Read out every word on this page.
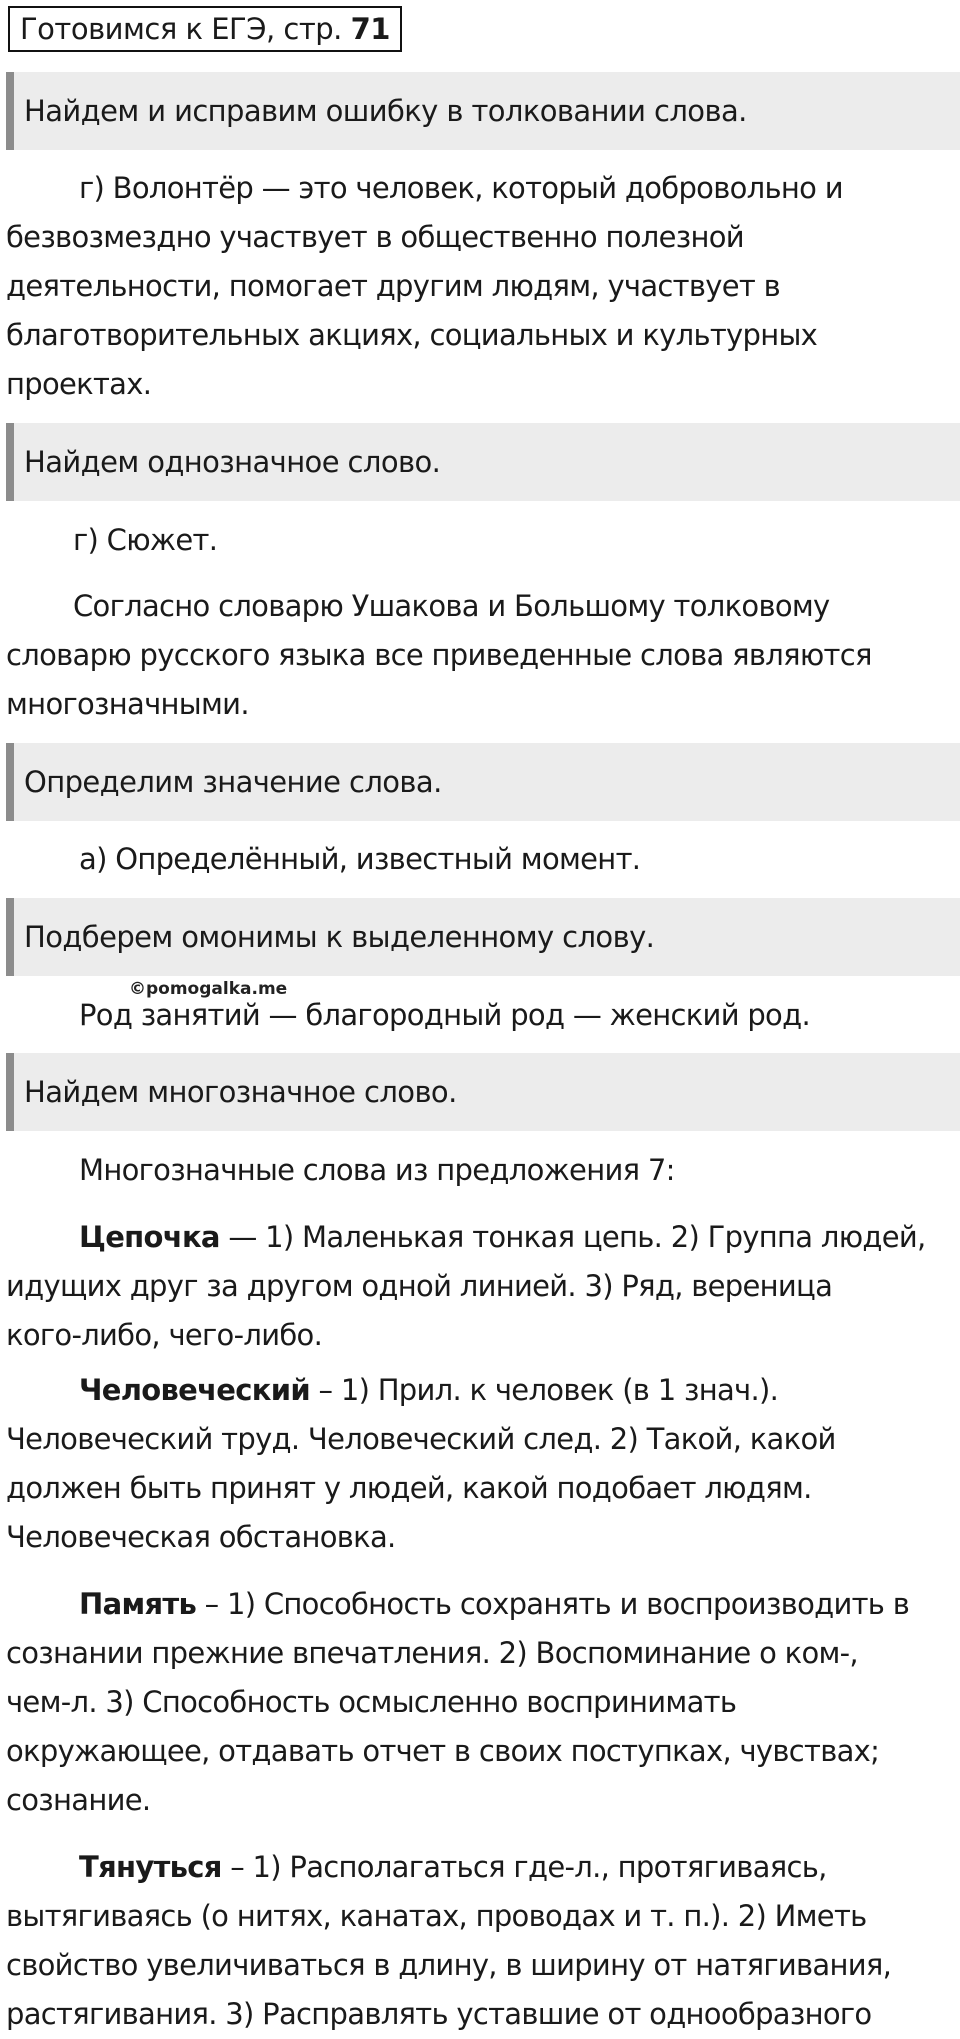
Готовимся к ЕГЭ, стр. 71
Найдем и исправим ошибку в толковании слова.
г) Волонтёр — это человек, который добровольно и
безвозмездно участвует в общественно полезной
деятельности, помогает другим людям, участвует в
благотворительных акциях, социальных и культурных
проектах.
Найдем однозначное слово.
г) Сюжет.
Согласно словарю Ушакова и Большому толковому
словарю русского языка все приведенные слова являются
многозначными.
Определим значение слова.
а) Определённый, известный момент.
Подберем омонимы к выделенному слову.
©pomogalka.me
Род занятий — благородный род — женский род.
Найдем многозначное слово.
Многозначные слова из предложения 7:
Цепочка — 1) Маленькая тонкая цепь. 2) Группа людей,
идущих друг за другом одной линией. 3) Ряд, вереница
кого-либо, чего-либо.
Человеческий – 1) Прил. к человек (в 1 знач.).
Человеческий труд. Человеческий след. 2) Такой, какой
должен быть принят у людей, какой подобает людям.
Человеческая обстановка.
Память – 1) Способность сохранять и воспроизводить в
сознании прежние впечатления. 2) Воспоминание о ком-,
чем-л. 3) Способность осмысленно воспринимать
окружающее, отдавать отчет в своих поступках, чувствах;
сознание.
Тянуться – 1) Располагаться где-л., протягиваясь,
вытягиваясь (о нитях, канатах, проводах и т. п.). 2) Иметь
свойство увеличиваться в длину, в ширину от натягивания,
растягивания. 3) Расправлять уставшие от однообразного
